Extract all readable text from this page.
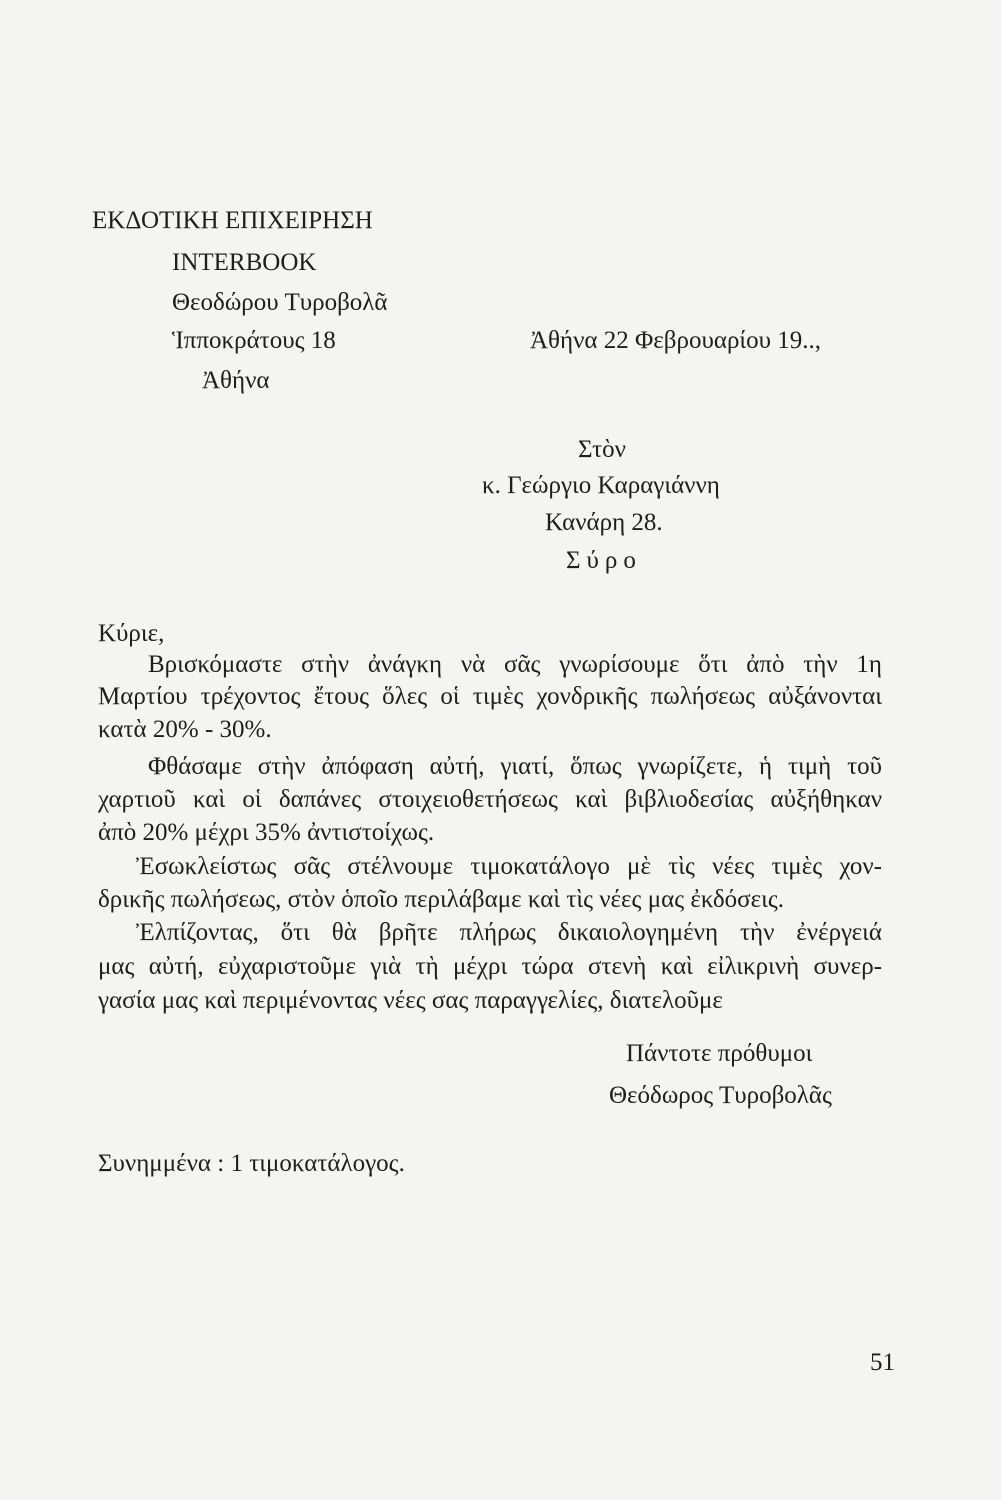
ΕΚΔΟΤΙΚΗ ΕΠΙΧΕΙΡΗΣΗ
INTERBOOK
Θεοδώρου Τυροβολᾶ
Ἱπποκράτους 18
Ἀθήνα
Ἀθήνα 22 Φεβρουαρίου 19..,
Στὸν
κ. Γεώργιο Καραγιάννη
Κανάρη 28.
Σύρο
Κύριε,
Βρισκόμαστε στὴν ἀνάγκη νὰ σᾶς γνωρίσουμε ὅτι ἀπὸ τὴν 1η
Μαρτίου τρέχοντος ἔτους ὅλες οἱ τιμὲς χονδρικῆς πωλήσεως αὐξάνονται
κατὰ 20% - 30%.
Φθάσαμε στὴν ἀπόφαση αὐτή, γιατί, ὅπως γνωρίζετε, ἡ τιμὴ τοῦ
χαρτιοῦ καὶ οἱ δαπάνες στοιχειοθετήσεως καὶ βιβλιοδεσίας αὐξήθηκαν
ἀπὸ 20% μέχρι 35% ἀντιστοίχως.
Ἐσωκλείστως σᾶς στέλνουμε τιμοκατάλογο μὲ τὶς νέες τιμὲς χον-
δρικῆς πωλήσεως, στὸν ὁποῖο περιλάβαμε καὶ τὶς νέες μας ἐκδόσεις.
Ἐλπίζοντας, ὅτι θὰ βρῆτε πλήρως δικαιολογημένη τὴν ἐνέργειά
μας αὐτή, εὐχαριστοῦμε γιὰ τὴ μέχρι τώρα στενὴ καὶ εἰλικρινὴ συνερ-
γασία μας καὶ περιμένοντας νέες σας παραγγελίες, διατελοῦμε
Πάντοτε πρόθυμοι
Θεόδωρος Τυροβολᾶς
Συνημμένα : 1 τιμοκατάλογος.
51
